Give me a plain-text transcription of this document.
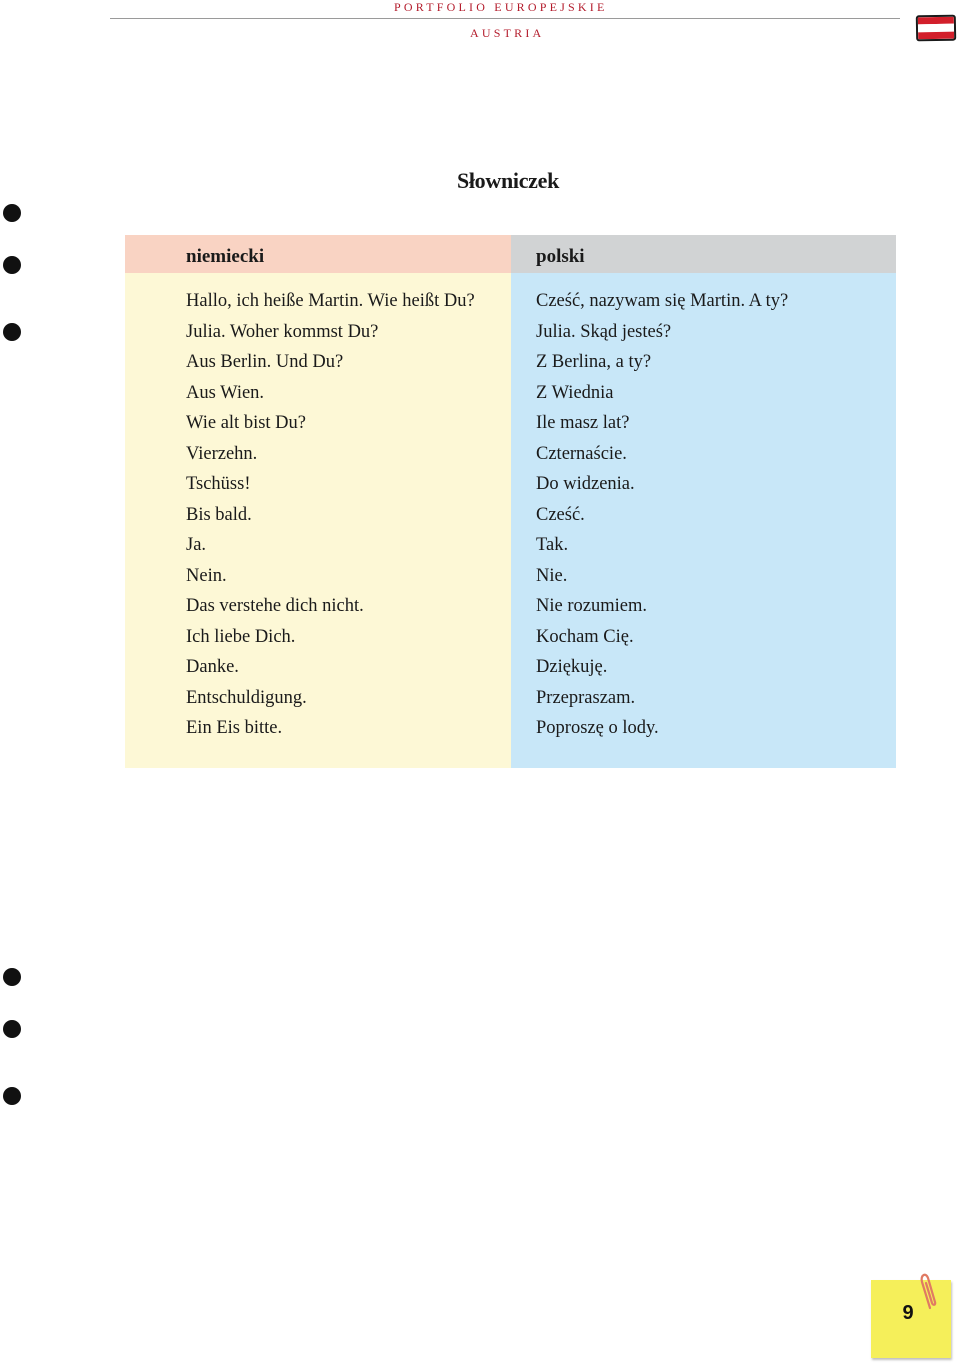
PORTFOLIO EUROPEJSKIE
AUSTRIA
Słowniczek
niemiecki
Hallo, ich heiße Martin. Wie heißt Du?
Julia. Woher kommst Du?
Aus Berlin. Und Du?
Aus Wien.
Wie alt bist Du?
Vierzehn.
Tschüss!
Bis bald.
Ja.
Nein.
Das verstehe dich nicht.
Ich liebe Dich.
Danke.
Entschuldigung.
Ein Eis bitte.
polski
Cześć, nazywam się Martin. A ty?
Julia. Skąd jesteś?
Z Berlina, a ty?
Z Wiednia
Ile masz lat?
Czternaście.
Do widzenia.
Cześć.
Tak.
Nie.
Nie rozumiem.
Kocham Cię.
Dziękuję.
Przepraszam.
Poproszę o lody.
9
